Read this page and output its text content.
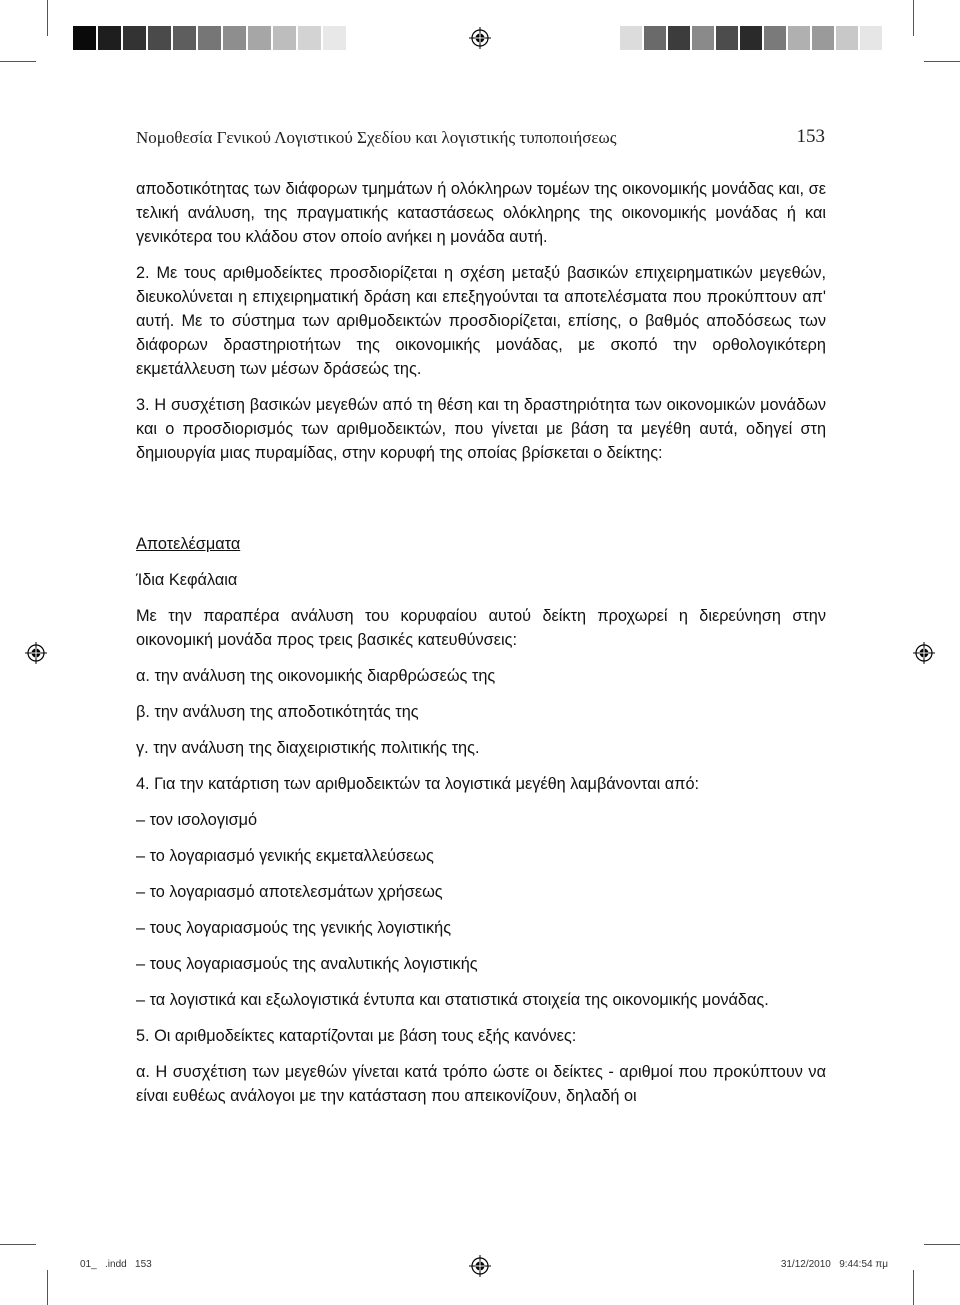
Νομοθεσία Γενικού Λογιστικού Σχεδίου και λογιστικής τυποποιήσεως	153

αποδοτικότητας των διάφορων τμημάτων ή ολόκληρων τομέων της οικονομικής μονάδας και, σε τελική ανάλυση, της πραγματικής καταστάσεως ολόκληρης της οικονομικής μονάδας ή και γενικότερα του κλάδου στον οποίο ανήκει η μονάδα αυτή.

2. Με τους αριθμοδείκτες προσδιορίζεται η σχέση μεταξύ βασικών επιχειρηματικών μεγεθών, διευκολύνεται η επιχειρηματική δράση και επεξηγούνται τα αποτελέσματα που προκύπτουν απ' αυτή. Με το σύστημα των αριθμοδεικτών προσδιορίζεται, επίσης, ο βαθμός αποδόσεως των διάφορων δραστηριοτήτων της οικονομικής μονάδας, με σκοπό την ορθολογικότερη εκμετάλλευση των μέσων δράσεώς της.

3. Η συσχέτιση βασικών μεγεθών από τη θέση και τη δραστηριότητα των οικονομικών μονάδων και ο προσδιορισμός των αριθμοδεικτών, που γίνεται με βάση τα μεγέθη αυτά, οδηγεί στη δημιουργία μιας πυραμίδας, στην κορυφή της οποίας βρίσκεται ο δείκτης:

Αποτελέσματα

Ίδια Κεφάλαια

Με την παραπέρα ανάλυση του κορυφαίου αυτού δείκτη προχωρεί η διερεύνηση στην οικονομική μονάδα προς τρεις βασικές κατευθύνσεις:

α. την ανάλυση της οικονομικής διαρθρώσεώς της

β. την ανάλυση της αποδοτικότητάς της

γ. την ανάλυση της διαχειριστικής πολιτικής της.

4. Για την κατάρτιση των αριθμοδεικτών τα λογιστικά μεγέθη λαμβάνονται από:

– τον ισολογισμό

– το λογαριασμό γενικής εκμεταλλεύσεως

– το λογαριασμό αποτελεσμάτων χρήσεως

– τους λογαριασμούς της γενικής λογιστικής

– τους λογαριασμούς της αναλυτικής λογιστικής

– τα λογιστικά και εξωλογιστικά έντυπα και στατιστικά στοιχεία της οικονομικής μονάδας.

5. Οι αριθμοδείκτες καταρτίζονται με βάση τους εξής κανόνες:

α. Η συσχέτιση των μεγεθών γίνεται κατά τρόπο ώστε οι δείκτες - αριθμοί που προκύπτουν να είναι ευθέως ανάλογοι με την κατάσταση που απεικονίζουν, δηλαδή οι

01_   .indd   153	31/12/2010   9:44:54 πμ
